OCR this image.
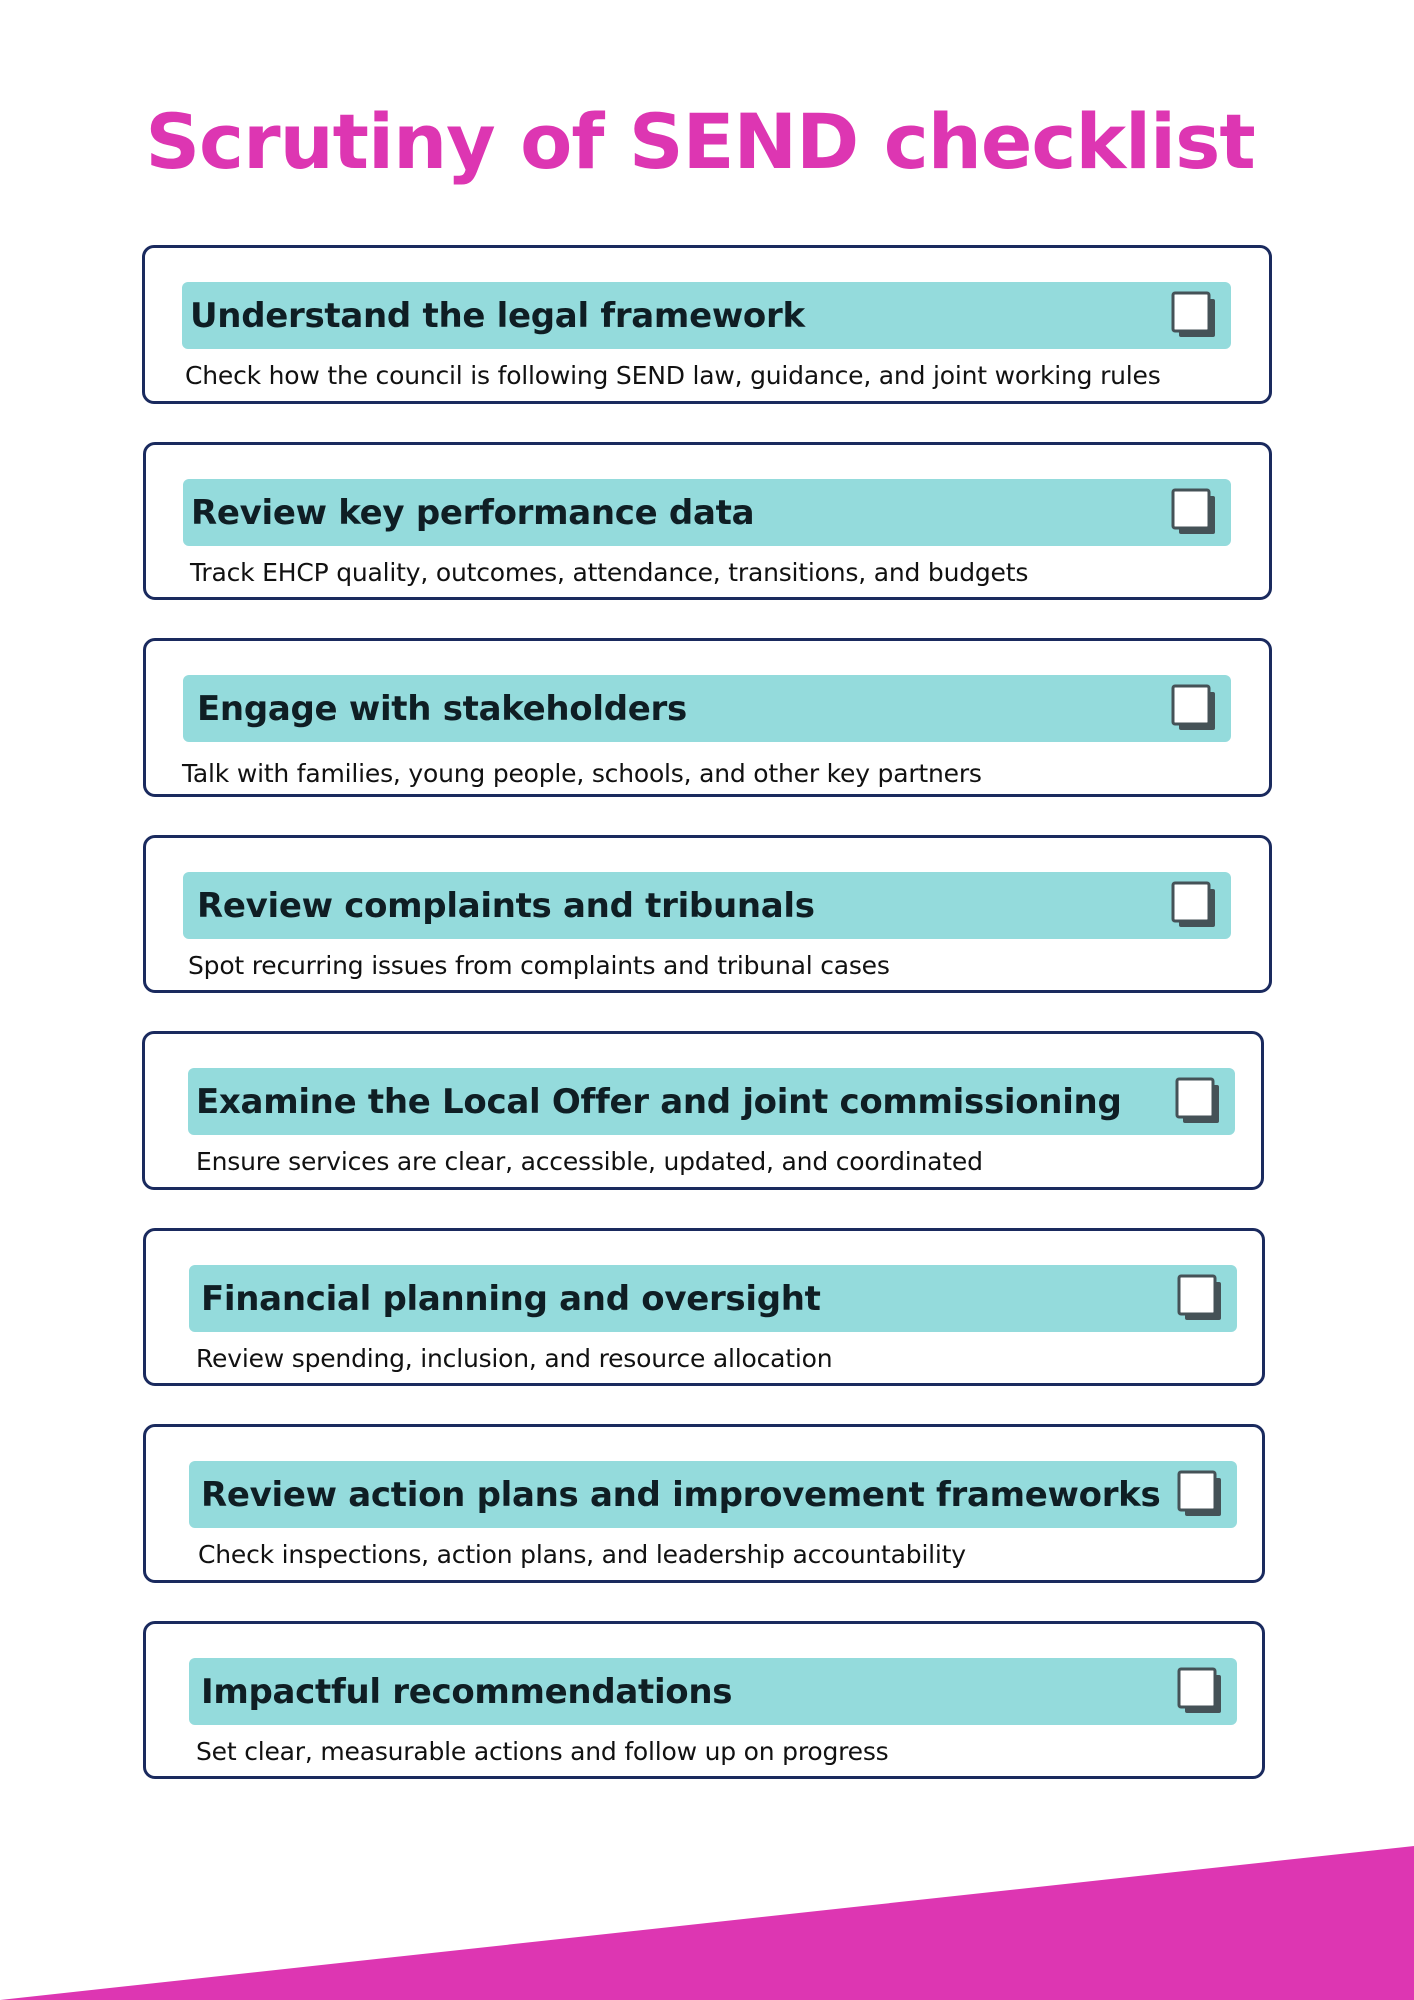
Scrutiny of SEND checklist
Understand the legal framework
Check how the council is following SEND law, guidance, and joint working rules
Review key performance data
Track EHCP quality, outcomes, attendance, transitions, and budgets
Engage with stakeholders
Talk with families, young people, schools, and other key partners
Review complaints and tribunals
Spot recurring issues from complaints and tribunal cases
Examine the Local Offer and joint commissioning
Ensure services are clear, accessible, updated, and coordinated
Financial planning and oversight
Review spending, inclusion, and resource allocation
Review action plans and improvement frameworks
Check inspections, action plans, and leadership accountability
Impactful recommendations
Set clear, measurable actions and follow up on progress
